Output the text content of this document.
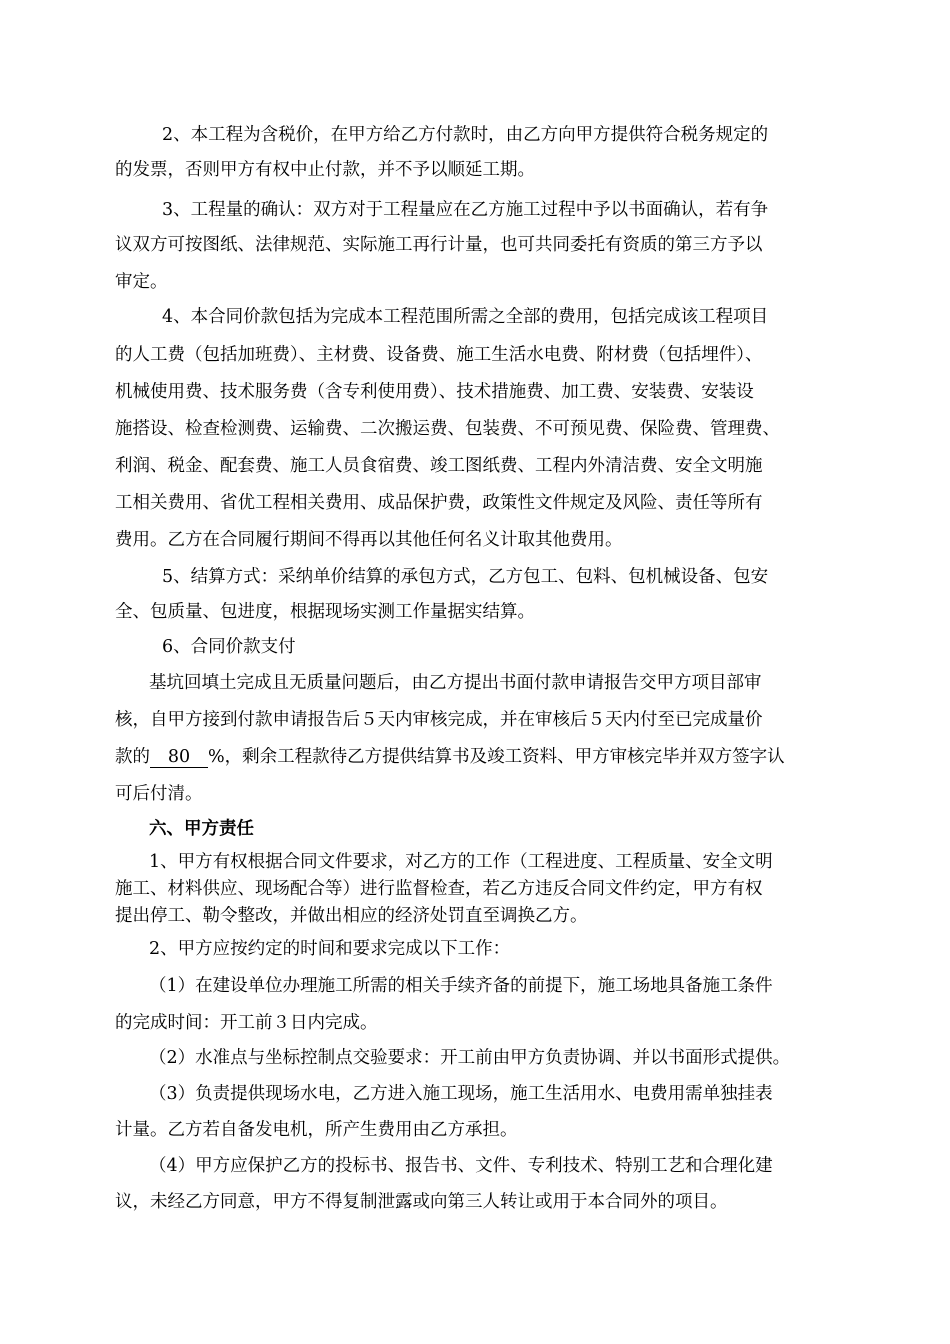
2、本工程为含税价，在甲方给乙方付款时，由乙方向甲方提供符合税务规定的
的发票，否则甲方有权中止付款，并不予以顺延工期。
3、工程量的确认：双方对于工程量应在乙方施工过程中予以书面确认，若有争
议双方可按图纸、法律规范、实际施工再行计量，也可共同委托有资质的第三方予以
审定。
4、本合同价款包括为完成本工程范围所需之全部的费用，包括完成该工程项目
的人工费（包括加班费）、主材费、设备费、施工生活水电费、附材费（包括埋件）、
机械使用费、技术服务费（含专利使用费）、技术措施费、加工费、安装费、安装设
施搭设、检查检测费、运输费、二次搬运费、包装费、不可预见费、保险费、管理费、
利润、税金、配套费、施工人员食宿费、竣工图纸费、工程内外清洁费、安全文明施
工相关费用、省优工程相关费用、成品保护费，政策性文件规定及风险、责任等所有
费用。乙方在合同履行期间不得再以其他任何名义计取其他费用。
5、结算方式：采纳单价结算的承包方式，乙方包工、包料、包机械设备、包安
全、包质量、包进度，根据现场实测工作量据实结算。
6、合同价款支付
基坑回填土完成且无质量问题后，由乙方提出书面付款申请报告交甲方项目部审
核，自甲方接到付款申请报告后５天内审核完成，并在审核后５天内付至已完成量价
款的 80 %，剩余工程款待乙方提供结算书及竣工资料、甲方审核完毕并双方签字认
可后付清。
六、甲方责任
1、甲方有权根据合同文件要求，对乙方的工作（工程进度、工程质量、安全文明
施工、材料供应、现场配合等）进行监督检查，若乙方违反合同文件约定，甲方有权
提出停工、勒令整改，并做出相应的经济处罚直至调换乙方。
2、甲方应按约定的时间和要求完成以下工作：
（1）在建设单位办理施工所需的相关手续齐备的前提下，施工场地具备施工条件
的完成时间：开工前３日内完成。
（2）水准点与坐标控制点交验要求：开工前由甲方负责协调、并以书面形式提供。
（3）负责提供现场水电，乙方进入施工现场，施工生活用水、电费用需单独挂表
计量。乙方若自备发电机，所产生费用由乙方承担。
（4）甲方应保护乙方的投标书、报告书、文件、专利技术、特别工艺和合理化建
议，未经乙方同意，甲方不得复制泄露或向第三人转让或用于本合同外的项目。
